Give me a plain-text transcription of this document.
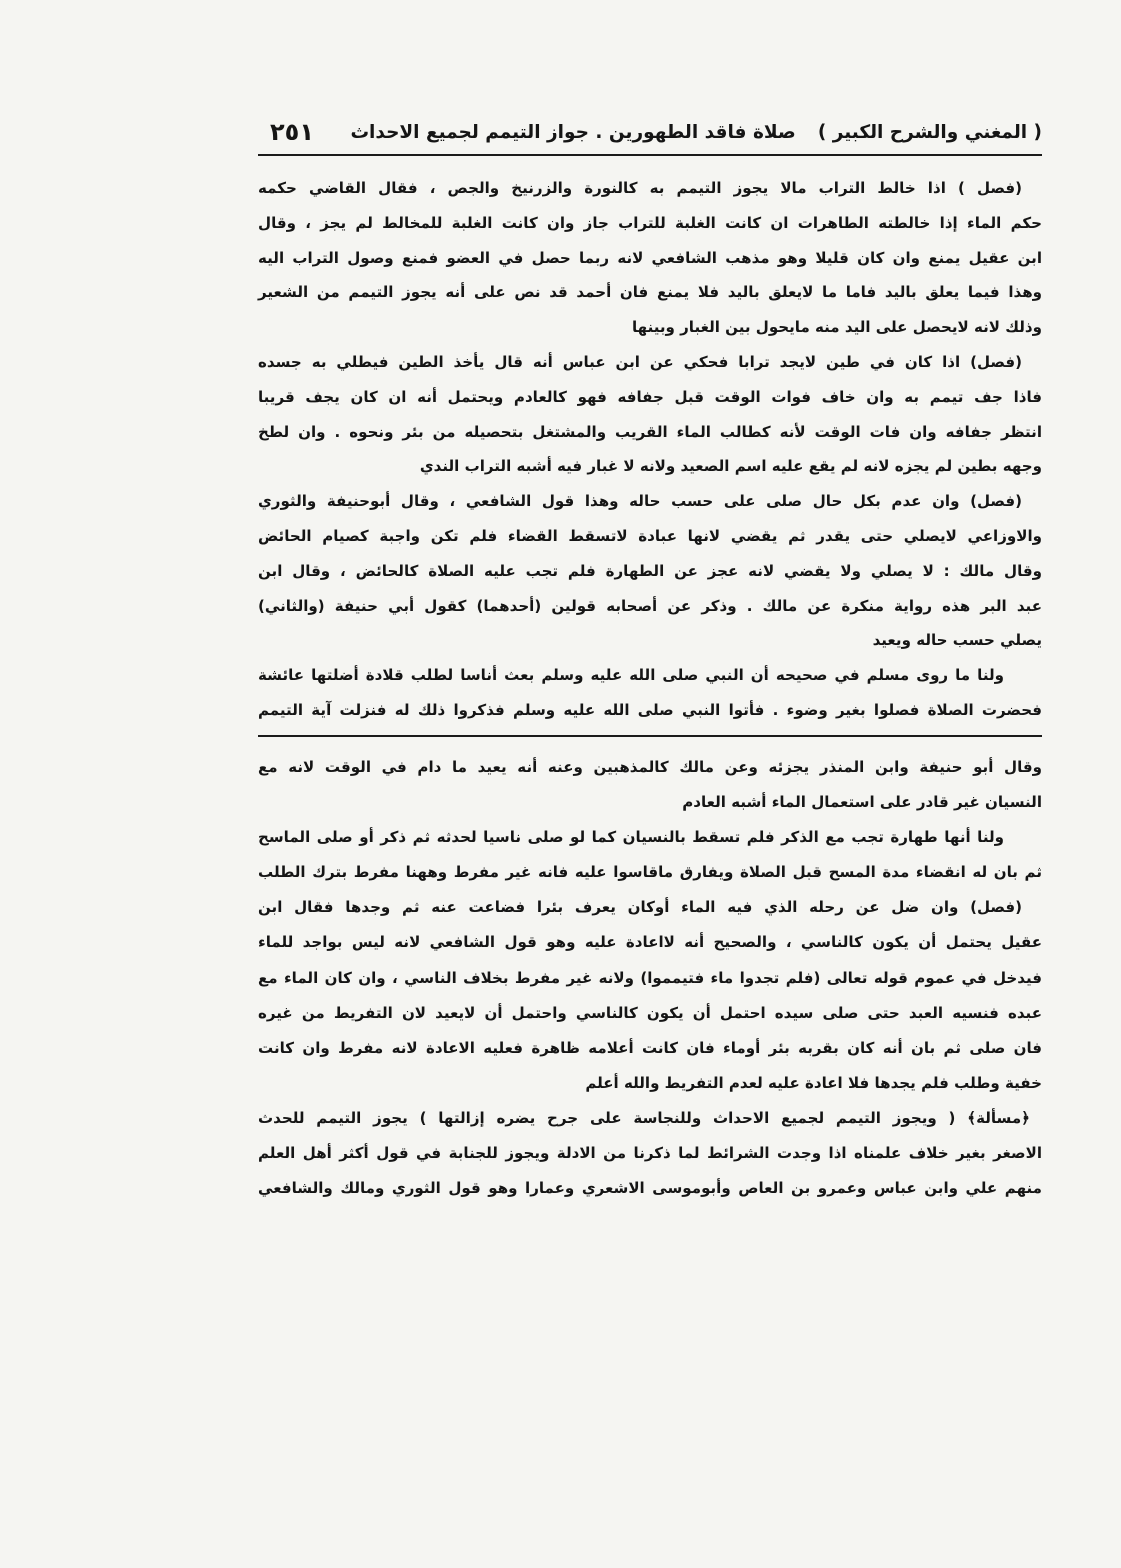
( المغني والشرح الكبير )
صلاة فاقد الطهورين . جواز التيمم لجميع الاحداث
٢٥١
(فصل ) اذا خالط التراب مالا يجوز التيمم به كالنورة والزرنيخ والجص ، فقال القاضي حكمه
حكم الماء إذا خالطته الطاهرات ان كانت الغلبة للتراب جاز وان كانت الغلبة للمخالط لم يجز ، وقال
ابن عقيل يمنع وان كان قليلا وهو مذهب الشافعي لانه ربما حصل في العضو فمنع وصول التراب اليه
وهذا فيما يعلق باليد فاما ما لايعلق باليد فلا يمنع فان أحمد قد نص على أنه يجوز التيمم من الشعير
وذلك لانه لايحصل على اليد منه مايحول بين الغبار وبينها
(فصل) اذا كان في طين لايجد ترابا فحكي عن ابن عباس أنه قال يأخذ الطين فيطلي به جسده
فاذا جف تيمم به وان خاف فوات الوقت قبل جفافه فهو كالعادم ويحتمل أنه ان كان يجف قريبا
انتظر جفافه وان فات الوقت لأنه كطالب الماء القريب والمشتغل بتحصيله من بئر ونحوه . وان لطخ
وجهه بطين لم يجزه لانه لم يقع عليه اسم الصعيد ولانه لا غبار فيه أشبه التراب الندي
(فصل) وان عدم بكل حال صلى على حسب حاله وهذا قول الشافعي ، وقال أبوحنيفة والثوري
والاوزاعي لايصلي حتى يقدر ثم يقضي لانها عبادة لاتسقط القضاء فلم تكن واجبة كصيام الحائض
وقال مالك : لا يصلي ولا يقضي لانه عجز عن الطهارة فلم تجب عليه الصلاة كالحائض ، وقال ابن
عبد البر هذه رواية منكرة عن مالك . وذكر عن أصحابه قولين (أحدهما) كقول أبي حنيفة (والثاني)
يصلي حسب حاله ويعيد
ولنا ما روى مسلم في صحيحه أن النبي صلى الله عليه وسلم بعث أناسا لطلب قلادة أضلتها عائشة
فحضرت الصلاة فصلوا بغير وضوء . فأتوا النبي صلى الله عليه وسلم فذكروا ذلك له فنزلت آية التيمم
وقال أبو حنيفة وابن المنذر يجزئه وعن مالك كالمذهبين وعنه أنه يعيد ما دام في الوقت لانه مع
النسيان غير قادر على استعمال الماء أشبه العادم
ولنا أنها طهارة تجب مع الذكر فلم تسقط بالنسيان كما لو صلى ناسيا لحدثه ثم ذكر أو صلى الماسح
ثم بان له انقضاء مدة المسح قبل الصلاة ويفارق ماقاسوا عليه فانه غير مفرط وههنا مفرط بترك الطلب
(فصل) وان ضل عن رحله الذي فيه الماء أوكان يعرف بئرا فضاعت عنه ثم وجدها فقال ابن
عقيل يحتمل أن يكون كالناسي ، والصحيح أنه لااعادة عليه وهو قول الشافعي لانه ليس بواجد للماء
فيدخل في عموم قوله تعالى (فلم تجدوا ماء فتيمموا) ولانه غير مفرط بخلاف الناسي ، وان كان الماء مع
عبده فنسيه العبد حتى صلى سيده احتمل أن يكون كالناسي واحتمل أن لايعيد لان التفريط من غيره
فان صلى ثم بان أنه كان بقربه بئر أوماء فان كانت أعلامه ظاهرة فعليه الاعادة لانه مفرط وان كانت
خفية وطلب فلم يجدها فلا اعادة عليه لعدم التفريط والله أعلم
﴿مسألة﴾ ( ويجوز التيمم لجميع الاحداث وللنجاسة على جرح يضره إزالتها ) يجوز التيمم للحدث
الاصغر بغير خلاف علمناه اذا وجدت الشرائط لما ذكرنا من الادلة ويجوز للجنابة في قول أكثر أهل العلم
منهم علي وابن عباس وعمرو بن العاص وأبوموسى الاشعري وعمارا وهو قول الثوري ومالك والشافعي
